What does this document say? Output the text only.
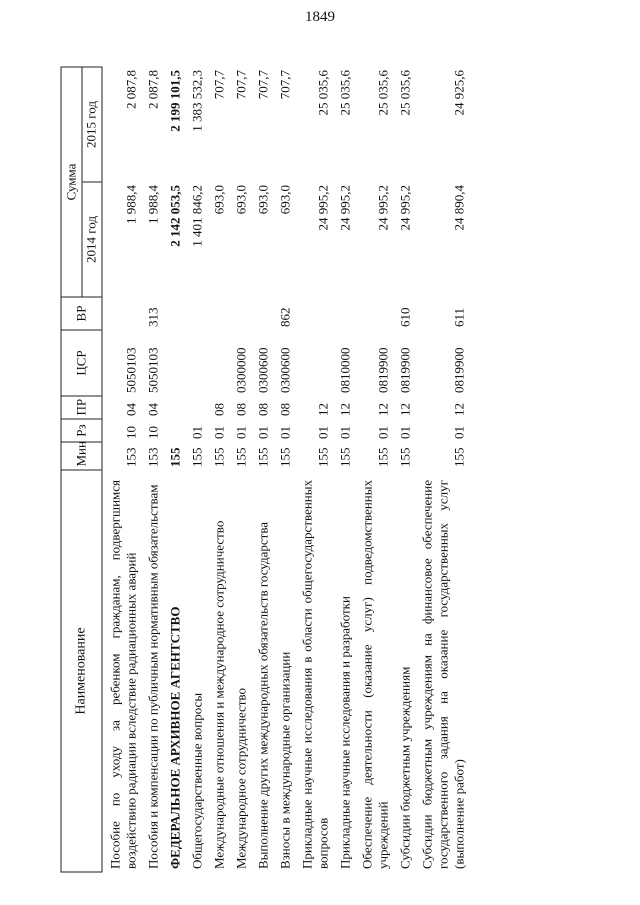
1849
Наименование	Мин	Рз	ПР	ЦСР	ВР	Сумма	
						2014 год	2015 год
Пособие по уходу за ребенком гражданам, подвергшимся воздействию радиации вследствие радиационных аварий	153	10	04	5050103		1 988,4	2 087,8
Пособия и компенсации по публичным нормативным обязательствам	153	10	04	5050103	313	1 988,4	2 087,8
ФЕДЕРАЛЬНОЕ АРХИВНОЕ АГЕНТСТВО	155					2 142 053,5	2 199 101,5
Общегосударственные вопросы	155	01				1 401 846,2	1 383 532,3
Международные отношения и международное сотрудничество	155	01	08			693,0	707,7
Международное сотрудничество	155	01	08	0300000		693,0	707,7
Выполнение других международных обязательств государства	155	01	08	0300600		693,0	707,7
Взносы в международные организации	155	01	08	0300600	862	693,0	707,7
Прикладные научные исследования в области общегосударственных вопросов	155	01	12			24 995,2	25 035,6
Прикладные научные исследования и разработки	155	01	12	0810000		24 995,2	25 035,6
Обеспечение деятельности (оказание услуг) подведомственных учреждений	155	01	12	0819900		24 995,2	25 035,6
Субсидии бюджетным учреждениям	155	01	12	0819900	610	24 995,2	25 035,6
Субсидии бюджетным учреждениям на финансовое обеспечение государственного задания на оказание государственных услуг (выполнение работ)	155	01	12	0819900	611	24 890,4	24 925,6
